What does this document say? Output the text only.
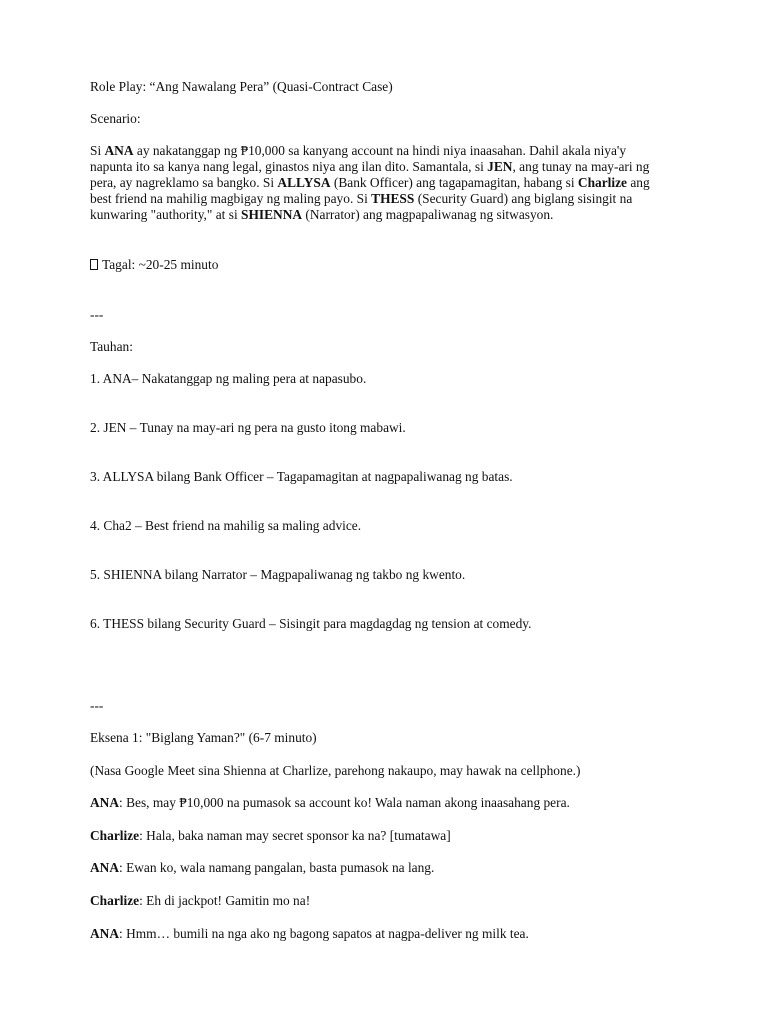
Role Play: “Ang Nawalang Pera” (Quasi-Contract Case)

Scenario:

Si ANA ay nakatanggap ng ₱10,000 sa kanyang account na hindi niya inaasahan. Dahil akala niya'y napunta ito sa kanya nang legal, ginastos niya ang ilan dito. Samantala, si JEN, ang tunay na may-ari ng pera, ay nagreklamo sa bangko. Si ALLYSA (Bank Officer) ang tagapamagitan, habang si Charlize ang best friend na mahilig magbigay ng maling payo. Si THESS (Security Guard) ang biglang sisingit na kunwaring "authority," at si SHIENNA (Narrator) ang magpapaliwanag ng sitwasyon.

Tagal: ~20-25 minuto

---

Tauhan:

1. ANA– Nakatanggap ng maling pera at napasubo.

2. JEN – Tunay na may-ari ng pera na gusto itong mabawi.

3. ALLYSA bilang Bank Officer – Tagapamagitan at nagpapaliwanag ng batas.

4. Cha2 – Best friend na mahilig sa maling advice.

5. SHIENNA bilang Narrator – Magpapaliwanag ng takbo ng kwento.

6. THESS bilang Security Guard – Sisingit para magdagdag ng tension at comedy.

---

Eksena 1: "Biglang Yaman?" (6-7 minuto)

(Nasa Google Meet sina Shienna at Charlize, parehong nakaupo, may hawak na cellphone.)

ANA: Bes, may ₱10,000 na pumasok sa account ko! Wala naman akong inaasahang pera.

Charlize: Hala, baka naman may secret sponsor ka na? [tumatawa]

ANA: Ewan ko, wala namang pangalan, basta pumasok na lang.

Charlize: Eh di jackpot! Gamitin mo na!

ANA: Hmm… bumili na nga ako ng bagong sapatos at nagpa-deliver ng milk tea.
